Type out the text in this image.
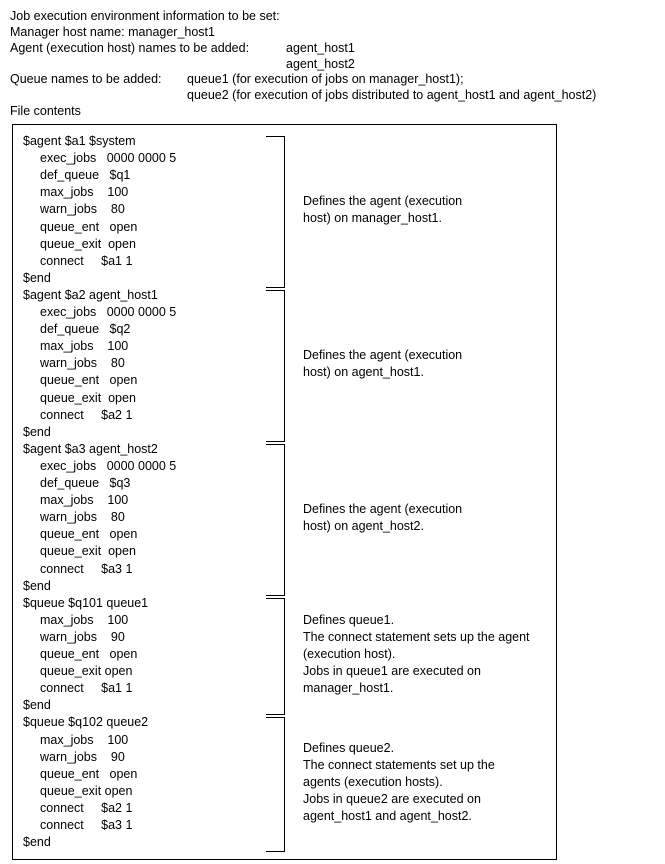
Job execution environment information to be set:
Manager host name: manager_host1
Agent (execution host) names to be added:	agent_host1
agent_host2
Queue names to be added: queue1 (for execution of jobs on manager_host1);
queue2 (for execution of jobs distributed to agent_host1 and agent_host2)
File contents
$agent $a1 $system
exec_jobs   0000 0000 5
def_queue   $q1
max_jobs    100
warn_jobs    80
queue_ent   open
queue_exit  open
connect     $a1 1
$end
Defines the agent (execution
host) on manager_host1.
$agent $a2 agent_host1
exec_jobs   0000 0000 5
def_queue   $q2
max_jobs    100
warn_jobs    80
queue_ent   open
queue_exit  open
connect     $a2 1
$end
Defines the agent (execution
host) on agent_host1.
$agent $a3 agent_host2
exec_jobs   0000 0000 5
def_queue   $q3
max_jobs    100
warn_jobs    80
queue_ent   open
queue_exit  open
connect     $a3 1
$end
Defines the agent (execution
host) on agent_host2.
$queue $q101 queue1
max_jobs    100
warn_jobs    90
queue_ent   open
queue_exit open
connect     $a1 1
$end
Defines queue1.
The connect statement sets up the agent
(execution host).
Jobs in queue1 are executed on
manager_host1.
$queue $q102 queue2
max_jobs    100
warn_jobs    90
queue_ent   open
queue_exit open
connect     $a2 1
connect     $a3 1
$end
Defines queue2.
The connect statements set up the
agents (execution hosts).
Jobs in queue2 are executed on
agent_host1 and agent_host2.
